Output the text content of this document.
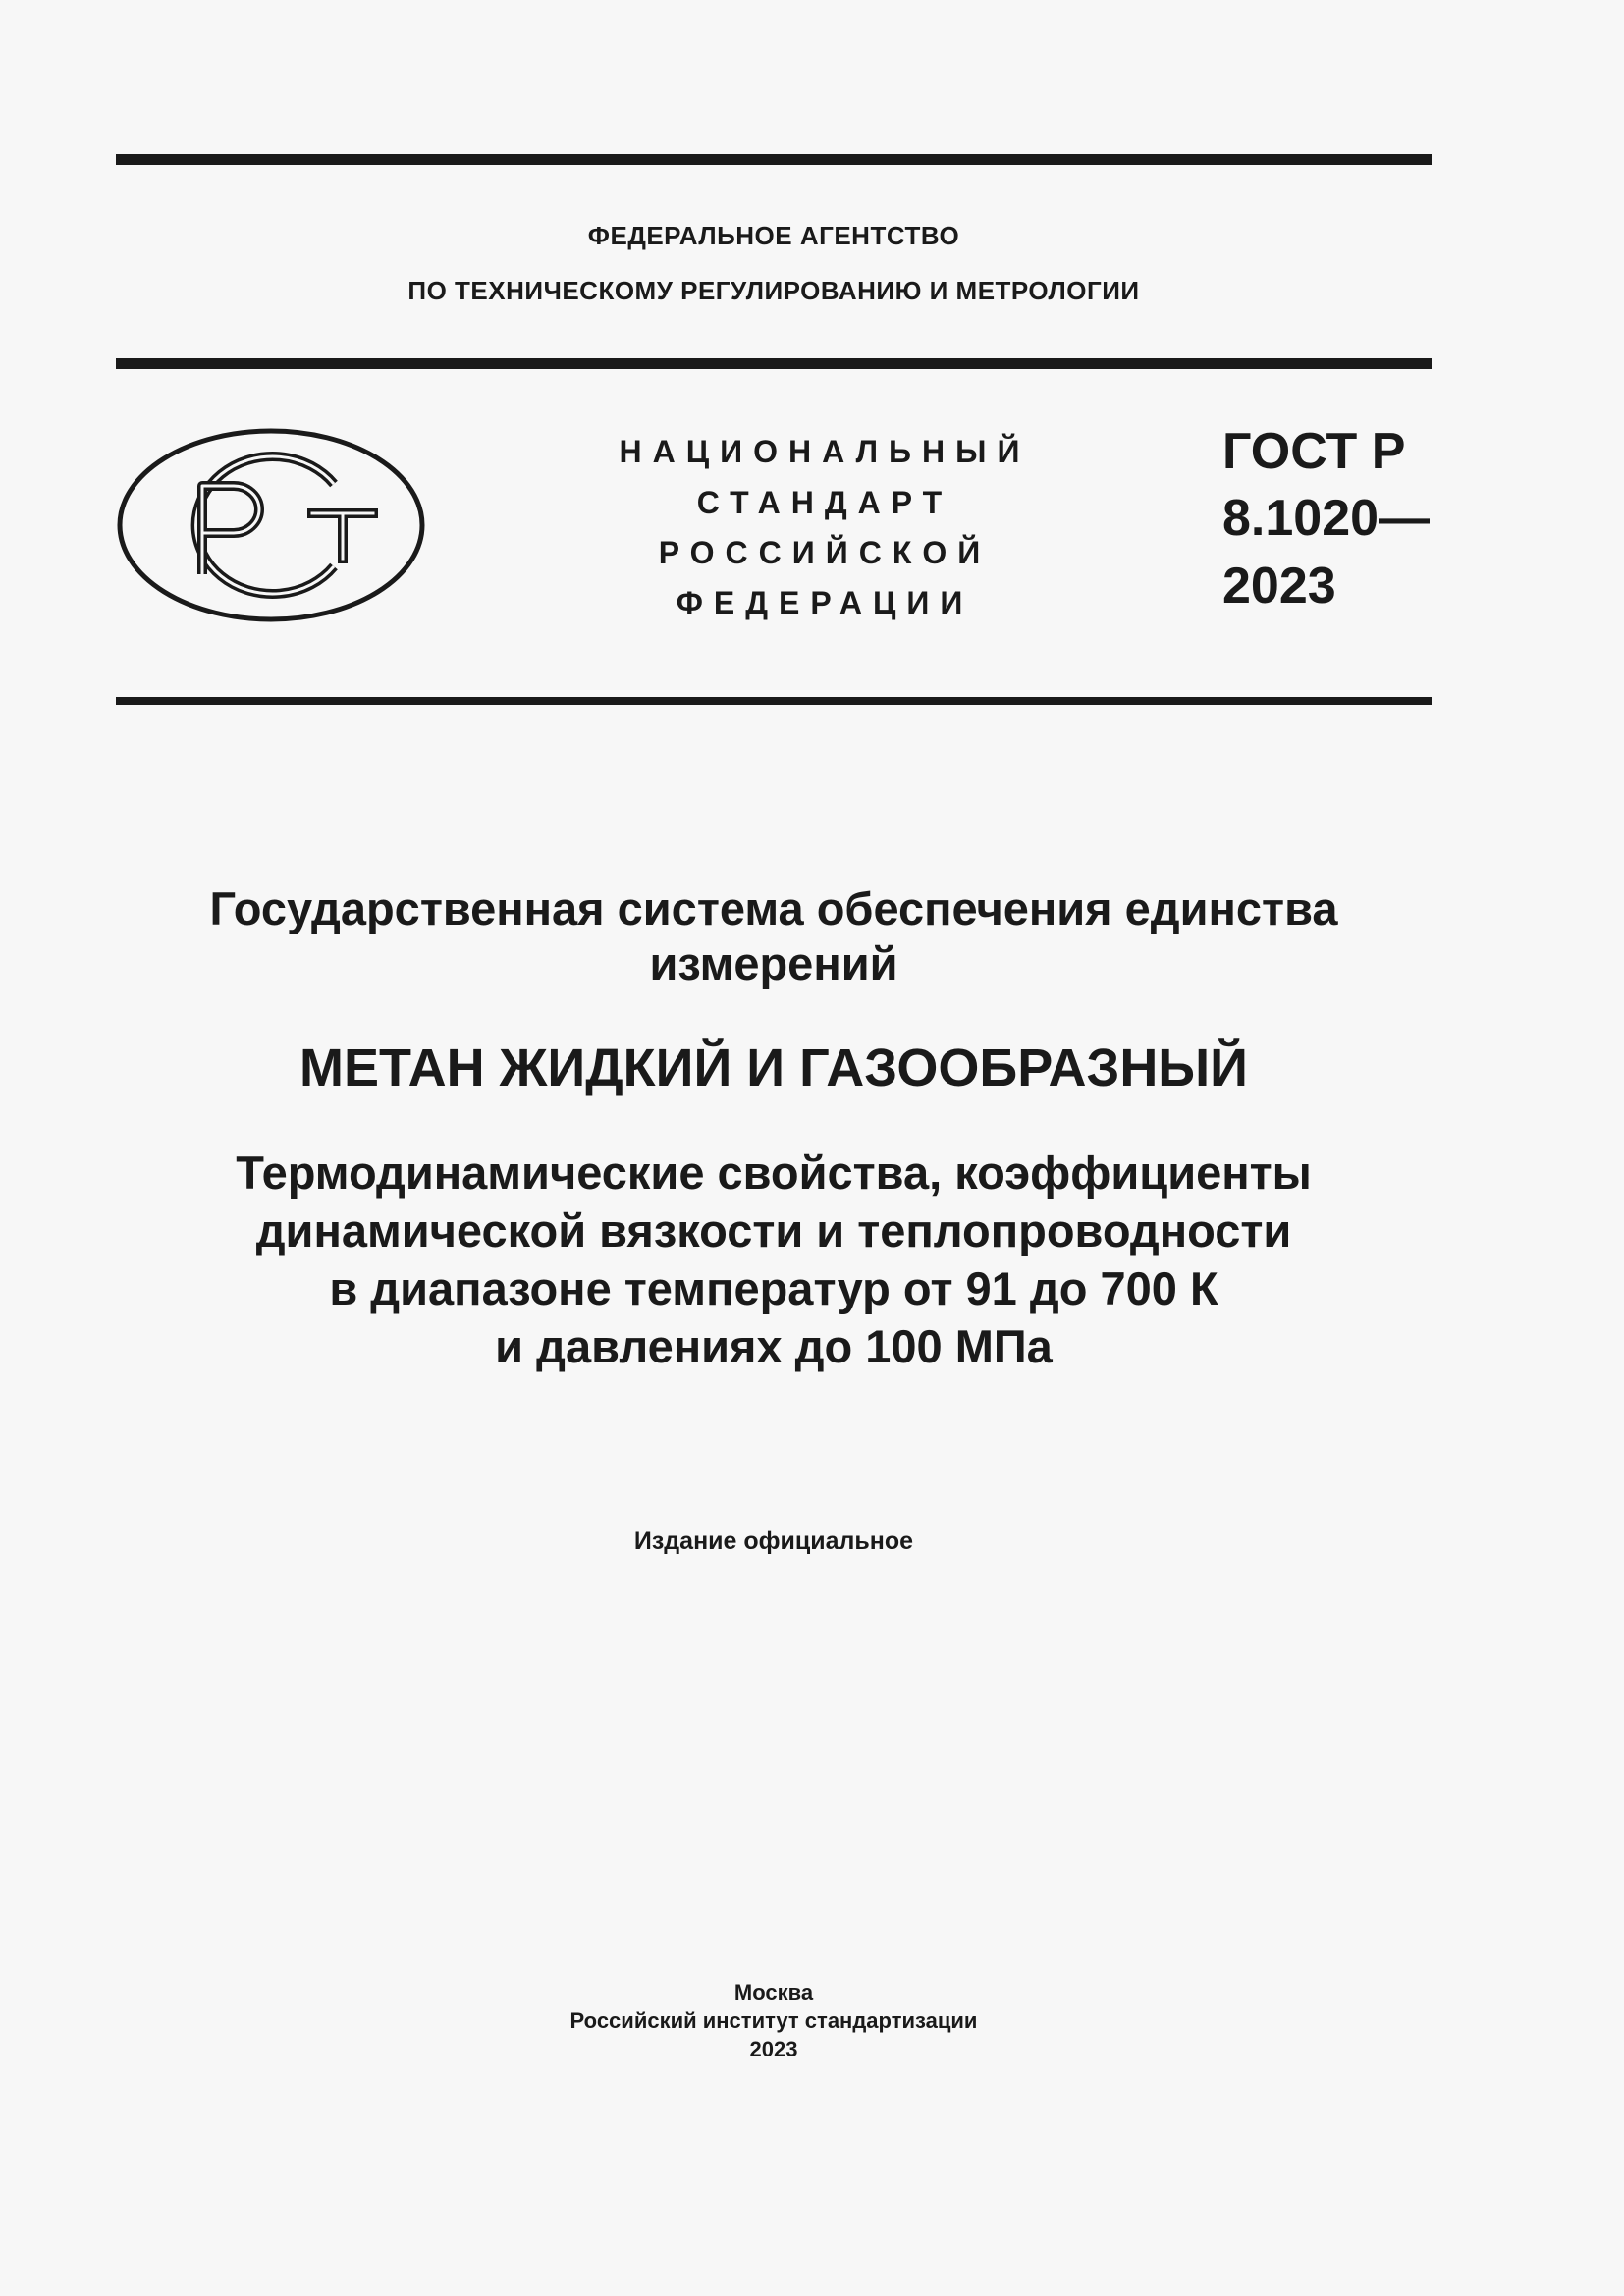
ФЕДЕРАЛЬНОЕ АГЕНТСТВО
ПО ТЕХНИЧЕСКОМУ РЕГУЛИРОВАНИЮ И МЕТРОЛОГИИ
НАЦИОНАЛЬНЫЙ
СТАНДАРТ
РОССИЙСКОЙ
ФЕДЕРАЦИИ
ГОСТ Р
8.1020—
2023
Государственная система обеспечения единства
измерений
МЕТАН ЖИДКИЙ И ГАЗООБРАЗНЫЙ
Термодинамические свойства, коэффициенты
динамической вязкости и теплопроводности
в диапазоне температур от 91 до 700 К
и давлениях до 100 МПа
Издание официальное
Москва
Российский институт стандартизации
2023
